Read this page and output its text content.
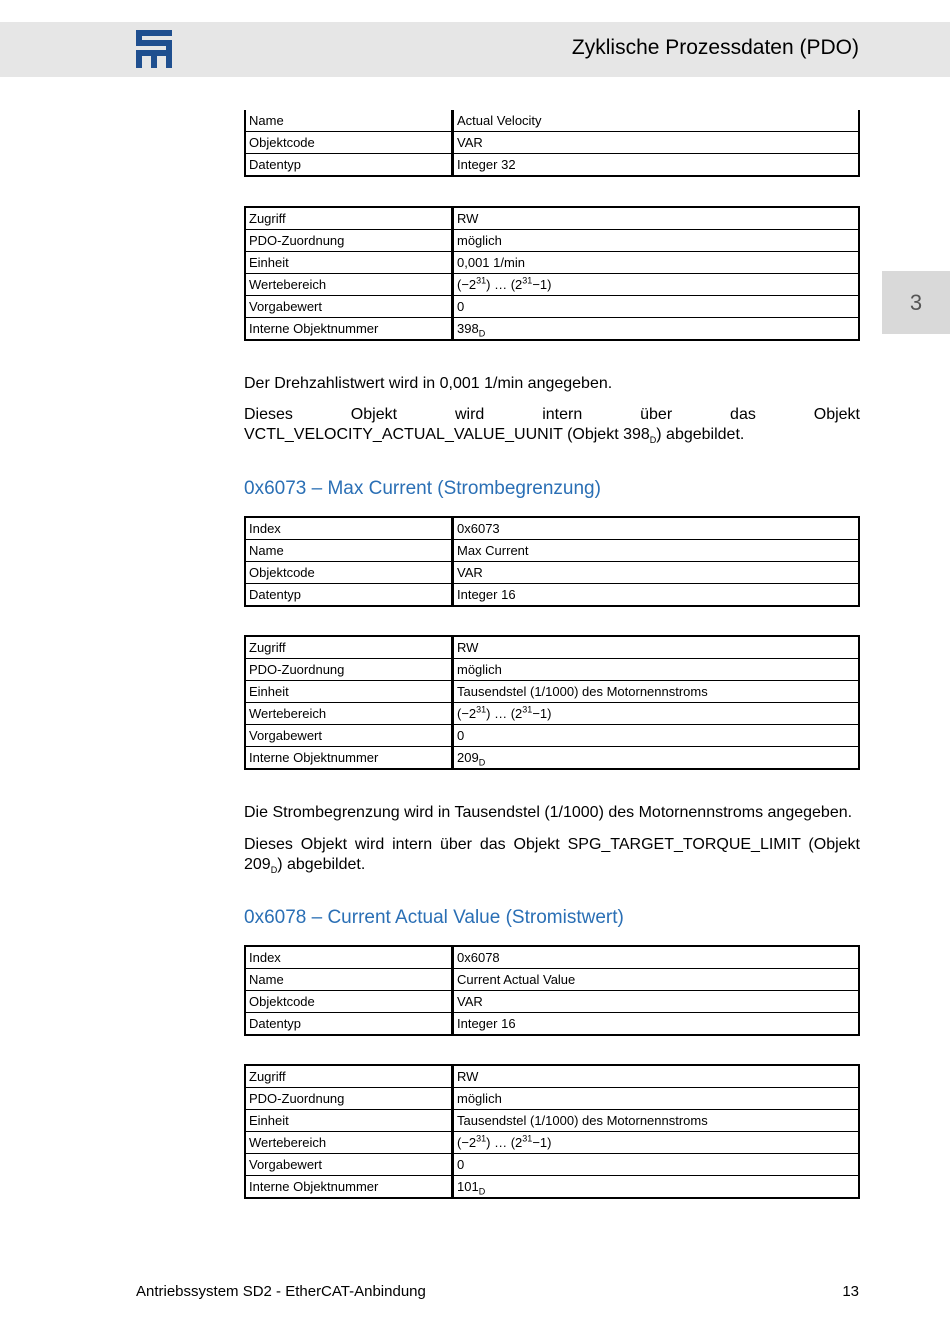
Zyklische Prozessdaten (PDO)
3
Name	Actual Velocity
Objektcode	VAR
Datentyp	Integer 32
Zugriff	RW
PDO-Zuordnung	möglich
Einheit	0,001 1/min
Wertebereich	$(-2^{31})$ … $(2^{31}-1)$
Vorgabewert	0
Interne Objektnummer	$398_D$
Der Drehzahlistwert wird in 0,001 1/min angegeben.
Dieses Objekt wird intern über das Objekt VCTL_VELOCITY_ACTUAL_VALUE_UUNIT (Objekt $398_D$) abgebildet.
0x6073 – Max Current (Strombegrenzung)
Index	0x6073
Name	Max Current
Objektcode	VAR
Datentyp	Integer 16
Zugriff	RW
PDO-Zuordnung	möglich
Einheit	Tausendstel (1/1000) des Motornennstroms
Wertebereich	$(-2^{31})$ … $(2^{31}-1)$
Vorgabewert	0
Interne Objektnummer	$209_D$
Die Strombegrenzung wird in Tausendstel (1/1000) des Motornennstroms angegeben.
Dieses Objekt wird intern über das Objekt SPG_TARGET_TORQUE_LIMIT (Objekt $209_D$) abgebildet.
0x6078 – Current Actual Value (Stromistwert)
Index	0x6078
Name	Current Actual Value
Objektcode	VAR
Datentyp	Integer 16
Zugriff	RW
PDO-Zuordnung	möglich
Einheit	Tausendstel (1/1000) des Motornennstroms
Wertebereich	$(-2^{31})$ … $(2^{31}-1)$
Vorgabewert	0
Interne Objektnummer	$101_D$
Antriebssystem SD2 - EtherCAT-Anbindung	13
